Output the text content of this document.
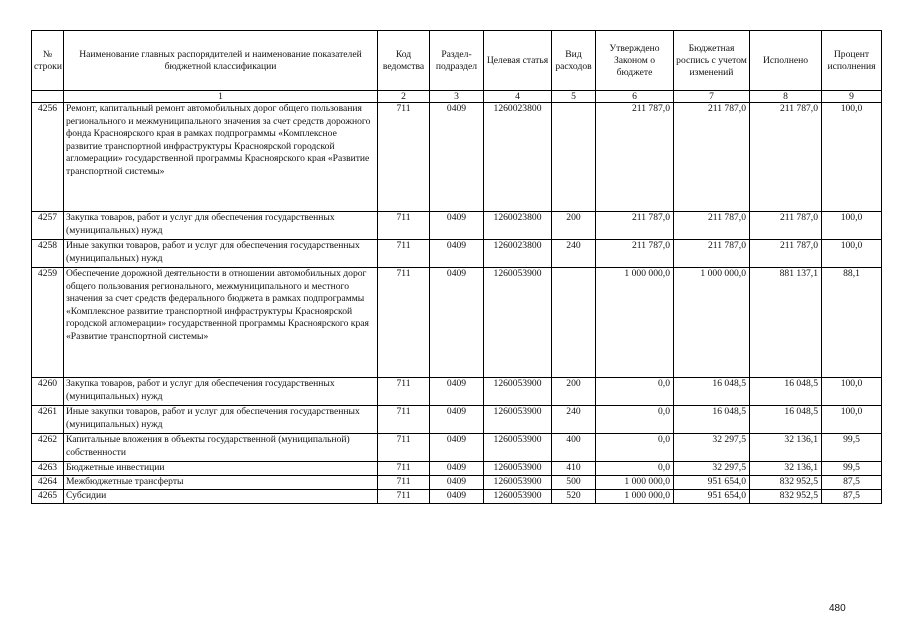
№ строки	Наименование главных распорядителей и наименование показателей бюджетной классификации	Код ведомства	Раздел-подраздел	Целевая статья	Вид расходов	Утверждено Законом о бюджете	Бюджетная роспись с учетом изменений	Исполнено	Процент исполнения
	1	2	3	4	5	6	7	8	9
4256	Ремонт, капитальный ремонт автомобильных дорог общего пользования регионального и межмуниципального значения за счет средств дорожного фонда Красноярского края в рамках подпрограммы «Комплексное развитие транспортной инфраструктуры Красноярской городской агломерации» государственной программы Красноярского края «Развитие транспортной системы»	711	0409	1260023800		211 787,0	211 787,0	211 787,0	100,0
4257	Закупка товаров, работ и услуг для обеспечения государственных (муниципальных) нужд	711	0409	1260023800	200	211 787,0	211 787,0	211 787,0	100,0
4258	Иные закупки товаров, работ и услуг для обеспечения государственных (муниципальных) нужд	711	0409	1260023800	240	211 787,0	211 787,0	211 787,0	100,0
4259	Обеспечение дорожной деятельности в отношении автомобильных дорог общего пользования регионального, межмуниципального и местного значения за счет средств федерального бюджета в рамках подпрограммы «Комплексное развитие транспортной инфраструктуры Красноярской городской агломерации» государственной программы Красноярского края «Развитие транспортной системы»	711	0409	1260053900		1 000 000,0	1 000 000,0	881 137,1	88,1
4260	Закупка товаров, работ и услуг для обеспечения государственных (муниципальных) нужд	711	0409	1260053900	200	0,0	16 048,5	16 048,5	100,0
4261	Иные закупки товаров, работ и услуг для обеспечения государственных (муниципальных) нужд	711	0409	1260053900	240	0,0	16 048,5	16 048,5	100,0
4262	Капитальные вложения в объекты государственной (муниципальной) собственности	711	0409	1260053900	400	0,0	32 297,5	32 136,1	99,5
4263	Бюджетные инвестиции	711	0409	1260053900	410	0,0	32 297,5	32 136,1	99,5
4264	Межбюджетные трансферты	711	0409	1260053900	500	1 000 000,0	951 654,0	832 952,5	87,5
4265	Субсидии	711	0409	1260053900	520	1 000 000,0	951 654,0	832 952,5	87,5
480
